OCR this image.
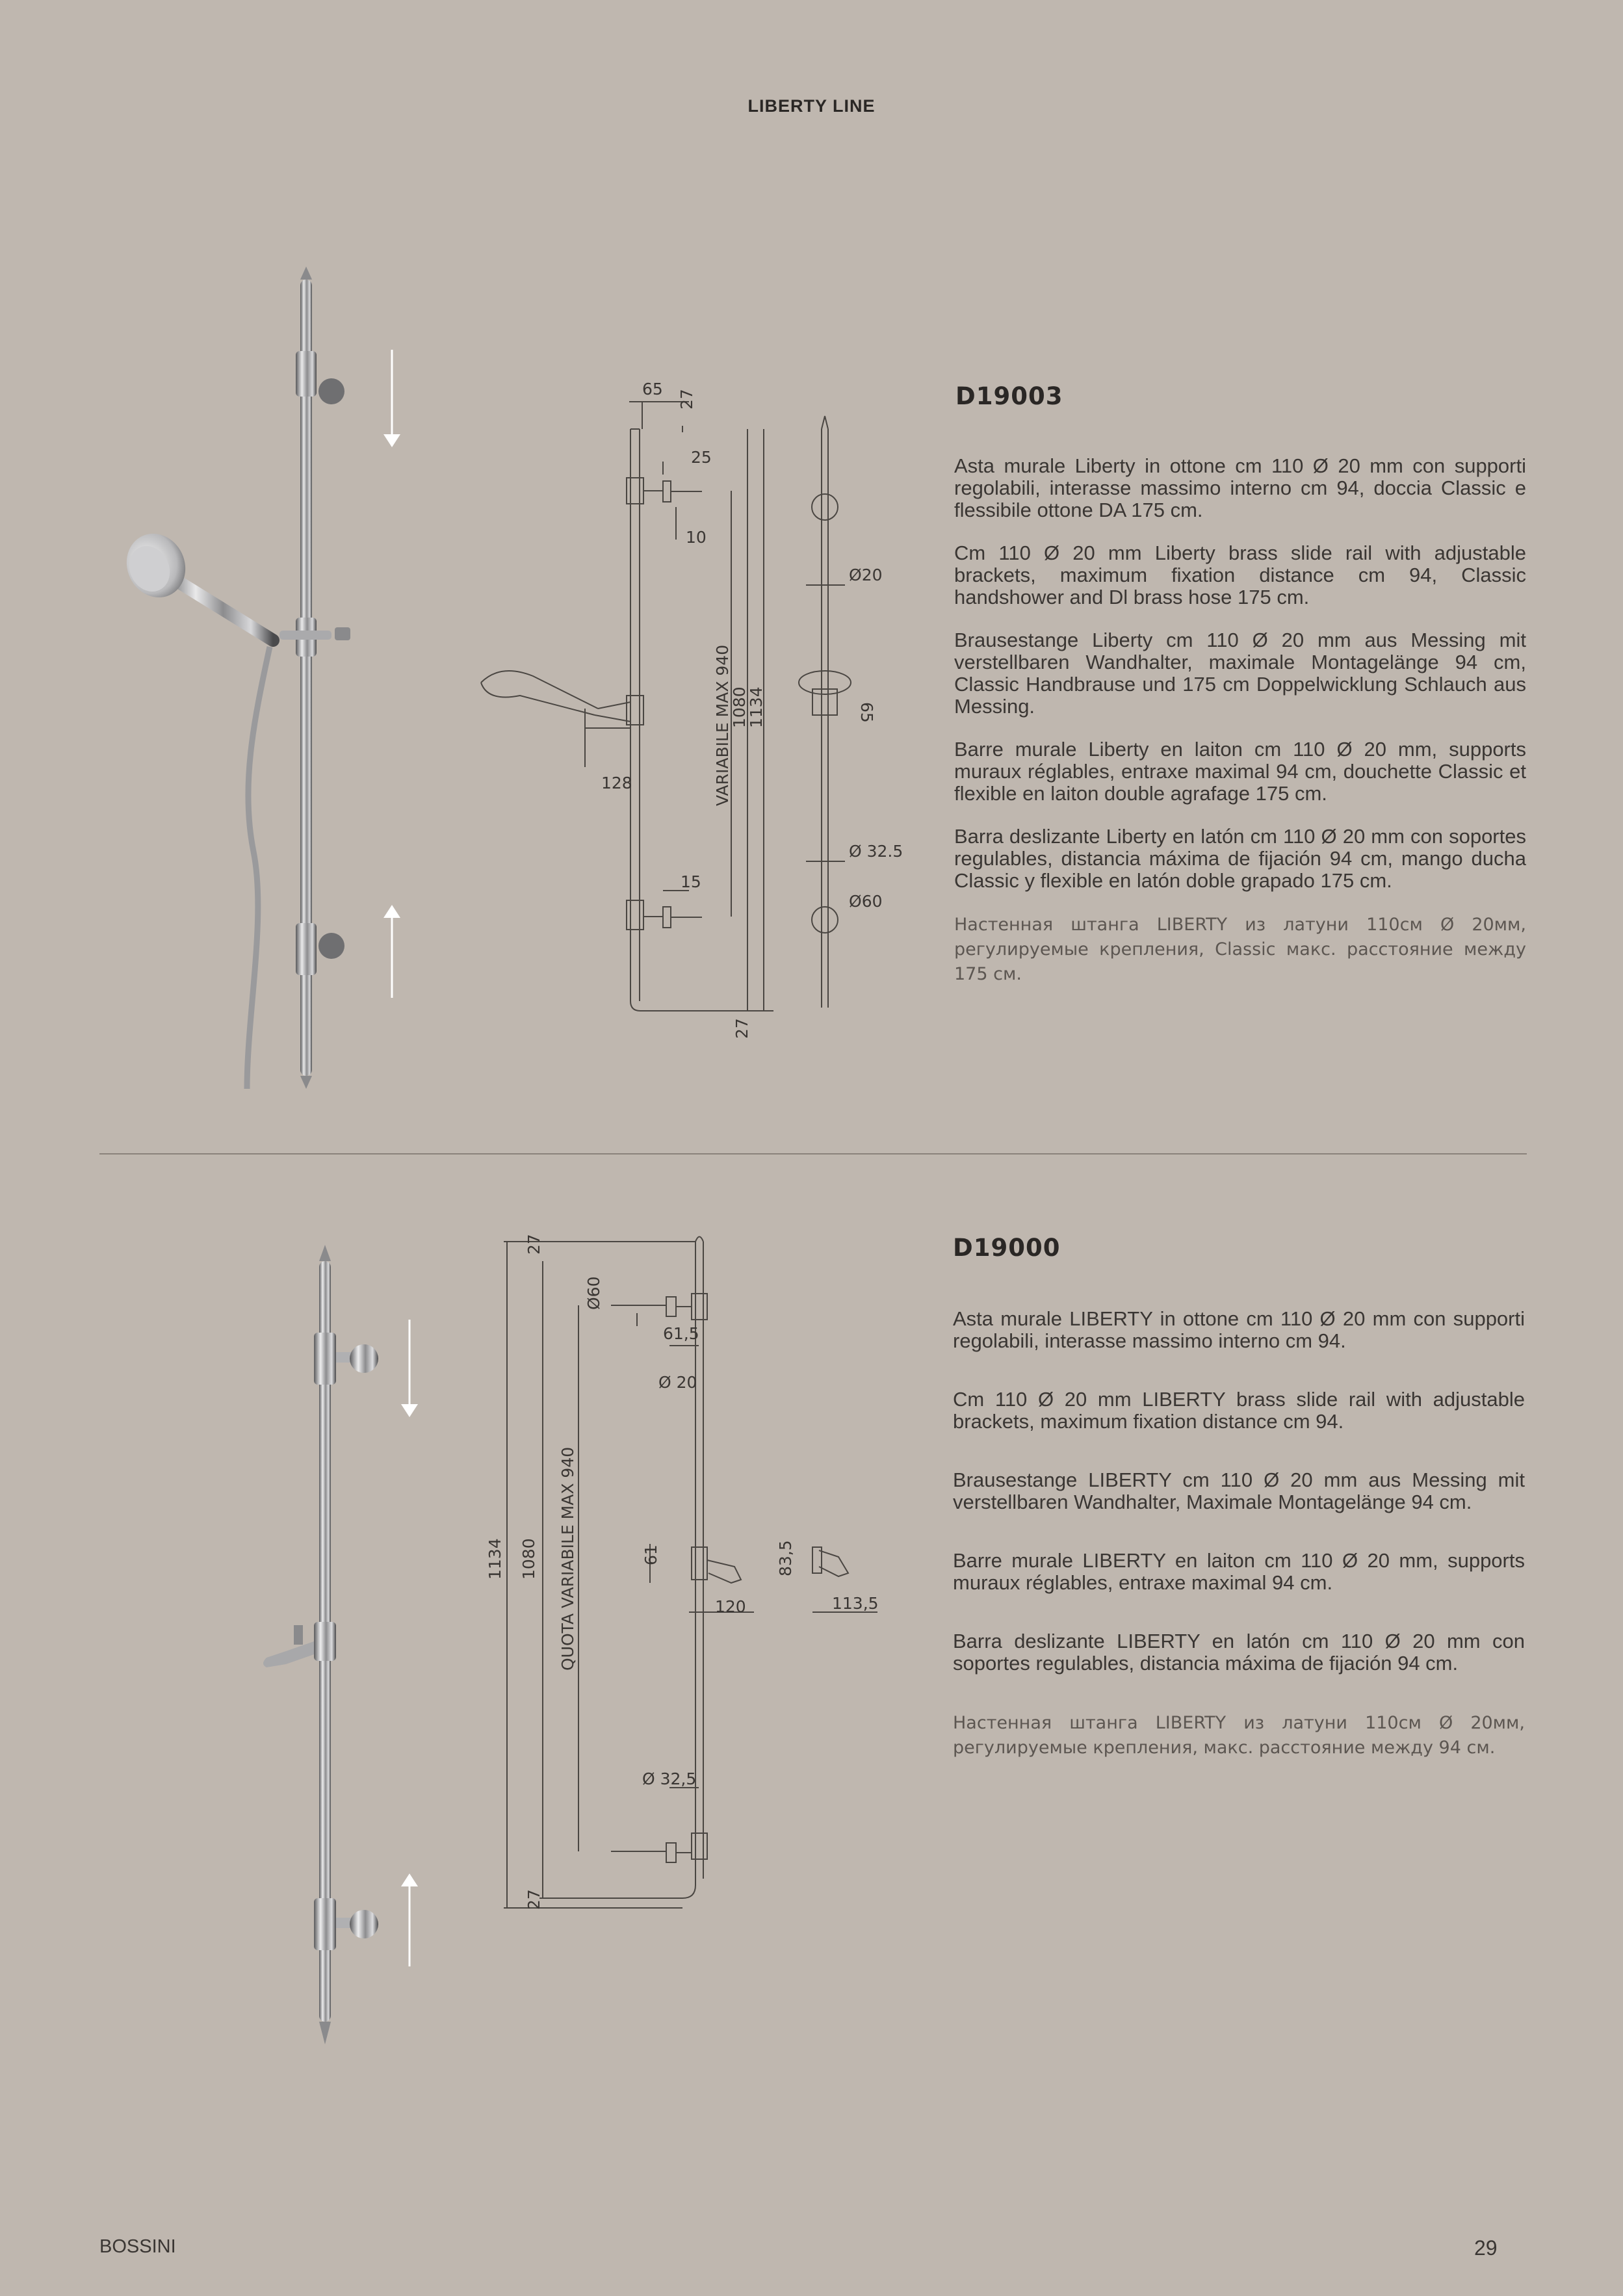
LIBERTY LINE
65 27
25
10
VARIABILE MAX 940
1080
1134
128
15
27
Ø20
65
Ø 32.5
Ø60
D19003

Asta murale Liberty in ottone cm 110 Ø 20 mm con supporti regolabili, interasse massimo interno cm 94, doccia Classic e flessibile ottone DA 175 cm.

Cm 110 Ø 20 mm Liberty brass slide rail with adjustable brackets, maximum fixation distance cm 94, Classic handshower and Dl brass hose 175 cm.

Brausestange Liberty cm 110 Ø 20 mm aus Messing mit verstellbaren Wandhalter, maximale Montagelänge 94 cm, Classic Handbrause und 175 cm Doppelwicklung Schlauch aus Messing.

Barre murale Liberty en laiton cm 110 Ø 20 mm, supports muraux réglables, entraxe maximal 94 cm, douchette Classic et flexible en laiton double agrafage 175 cm.

Barra deslizante Liberty en latón cm 110 Ø 20 mm con soportes regulables, distancia máxima de fijación 94 cm, mango ducha Classic y flexible en latón doble grapado 175 cm.

Настенная штанга LIBERTY из латуни 110см Ø 20мм, регулируемые крепления, Classic макс. расстояние между 175 см.

27
1134 1080 QUOTA VARIABILE MAX 940
Ø60
61,5
Ø 20
61
120
83,5
113,5
Ø 32,5
27
D19000

Asta murale LIBERTY in ottone cm 110 Ø 20 mm con supporti regolabili, interasse massimo interno cm 94.

Cm 110 Ø 20 mm LIBERTY brass slide rail with adjustable brackets, maximum fixation distance cm 94.

Brausestange LIBERTY cm 110 Ø 20 mm aus Messing mit verstellbaren Wandhalter, Maximale Montagelänge 94 cm.

Barre murale LIBERTY en laiton cm 110 Ø 20 mm, supports muraux réglables, entraxe maximal 94 cm.

Barra deslizante LIBERTY en latón cm 110 Ø 20 mm con soportes regulables, distancia máxima de fijación 94 cm.

Настенная штанга LIBERTY из латуни 110см Ø 20мм, регулируемые крепления, макс. расстояние между 94 см.

BOSSINI	29
